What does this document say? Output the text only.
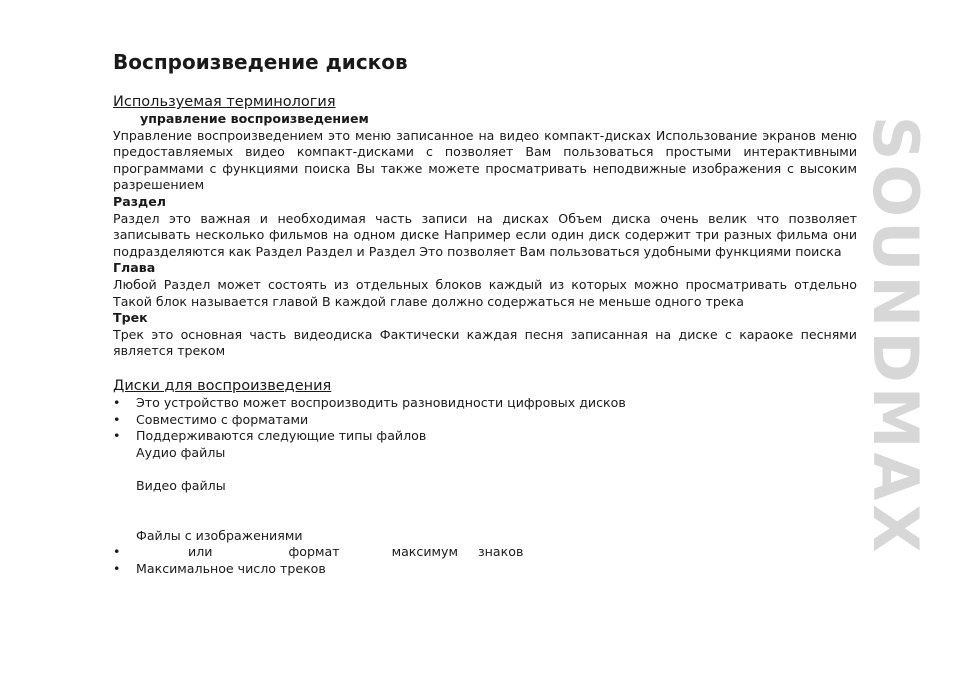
Воспроизведение дисков

Используемая терминология

управление воспроизведением

Управление воспроизведением это меню записанное на видео компакт-дисках Использование экранов меню предоставляемых видео компакт-дисками с позволяет Вам пользоваться простыми интерактивными программами с функциями поиска Вы также можете просматривать неподвижные изображения с высоким разрешением

Раздел

Раздел это важная и необходимая часть записи на дисках Объем диска очень велик что позволяет записывать несколько фильмов на одном диске Например если один диск содержит три разных фильма они подразделяются как Раздел Раздел и Раздел Это позволяет Вам пользоваться удобными функциями поиска

Глава

Любой Раздел может состоять из отдельных блоков каждый из которых можно просматривать отдельно Такой блок называется главой В каждой главе должно содержаться не меньше одного трека

Трек

Трек это основная часть видеодиска Фактически каждая песня записанная на диске с караоке песнями является треком

Диски для воспроизведения

• Это устройство может воспроизводить разновидности цифровых дисков
• Совместимо с форматами
• Поддерживаются следующие типы файлов

Аудио файлы

Видео файлы

Файлы с изображениями

•              или                   формат             максимум     знаков
• Максимальное число треков
SOUNDMAX
